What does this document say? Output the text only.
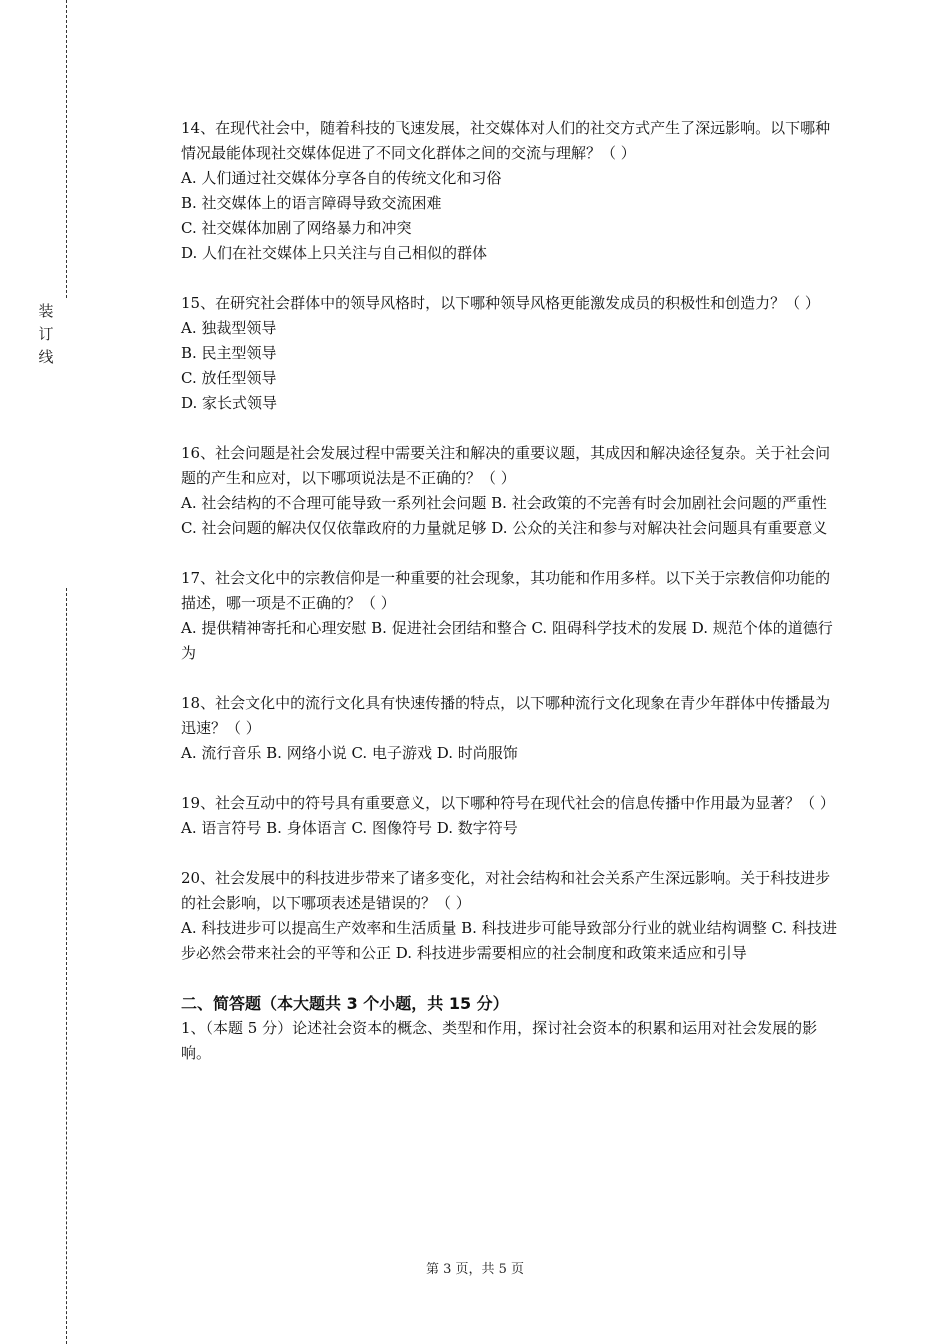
装
订
线

14、在现代社会中，随着科技的飞速发展，社交媒体对人们的社交方式产生了深远影响。以下哪种情况最能体现社交媒体促进了不同文化群体之间的交流与理解？（ ）

A. 人们通过社交媒体分享各自的传统文化和习俗

B. 社交媒体上的语言障碍导致交流困难

C. 社交媒体加剧了网络暴力和冲突

D. 人们在社交媒体上只关注与自己相似的群体

15、在研究社会群体中的领导风格时，以下哪种领导风格更能激发成员的积极性和创造力？（ ）

A. 独裁型领导

B. 民主型领导

C. 放任型领导

D. 家长式领导

16、社会问题是社会发展过程中需要关注和解决的重要议题，其成因和解决途径复杂。关于社会问题的产生和应对，以下哪项说法是不正确的？（ ）

A. 社会结构的不合理可能导致一系列社会问题 B. 社会政策的不完善有时会加剧社会问题的严重性 C. 社会问题的解决仅仅依靠政府的力量就足够 D. 公众的关注和参与对解决社会问题具有重要意义

17、社会文化中的宗教信仰是一种重要的社会现象，其功能和作用多样。以下关于宗教信仰功能的描述，哪一项是不正确的？（ ）

A. 提供精神寄托和心理安慰 B. 促进社会团结和整合 C. 阻碍科学技术的发展 D. 规范个体的道德行为

18、社会文化中的流行文化具有快速传播的特点，以下哪种流行文化现象在青少年群体中传播最为迅速？（ ）

A. 流行音乐 B. 网络小说 C. 电子游戏 D. 时尚服饰

19、社会互动中的符号具有重要意义，以下哪种符号在现代社会的信息传播中作用最为显著？（ ）

A. 语言符号 B. 身体语言 C. 图像符号 D. 数字符号

20、社会发展中的科技进步带来了诸多变化，对社会结构和社会关系产生深远影响。关于科技进步的社会影响，以下哪项表述是错误的？（ ）

A. 科技进步可以提高生产效率和生活质量 B. 科技进步可能导致部分行业的就业结构调整 C. 科技进步必然会带来社会的平等和公正 D. 科技进步需要相应的社会制度和政策来适应和引导

二、简答题（本大题共 3 个小题，共 15 分）

1、（本题 5 分）论述社会资本的概念、类型和作用，探讨社会资本的积累和运用对社会发展的影响。

第 3 页，共 5 页
